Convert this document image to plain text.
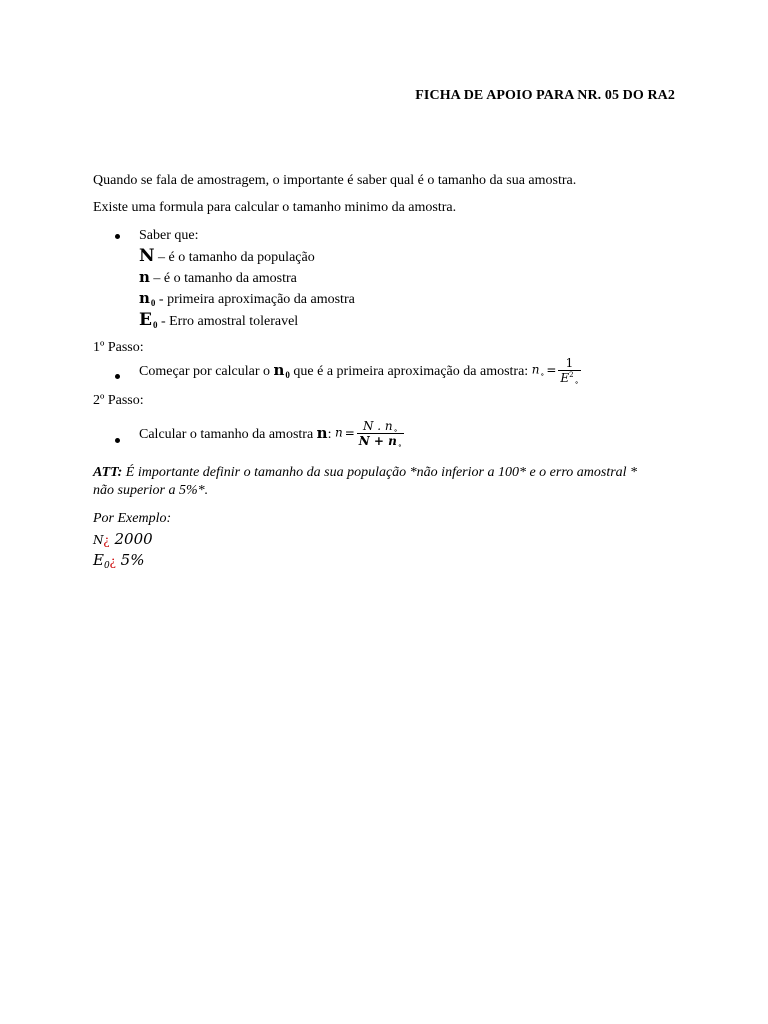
FICHA DE APOIO PARA NR. 05 DO RA2
Quando se fala de amostragem, o importante é saber qual é o tamanho da sua amostra.
Existe uma formula para calcular o tamanho minimo da amostra.
Saber que:
N – é o tamanho da população
n – é o tamanho da amostra
$n_0$ - primeira aproximação da amostra
$E_0$ - Erro amostral toleravel
1º Passo:
Começar por calcular o $n_0$ que é a primeira aproximação da amostra: $n_\circ = \frac{1}{E^2_\circ}$
2º Passo:
Calcular o tamanho da amostra n: $n = \frac{N . n_\circ}{N + n_\circ}$
ATT: É importante definir o tamanho da sua população *não inferior a 100* e o erro amostral * não superior a 5%*.
Por Exemplo:
N¿ 2000
$E_0¿$ 5%
